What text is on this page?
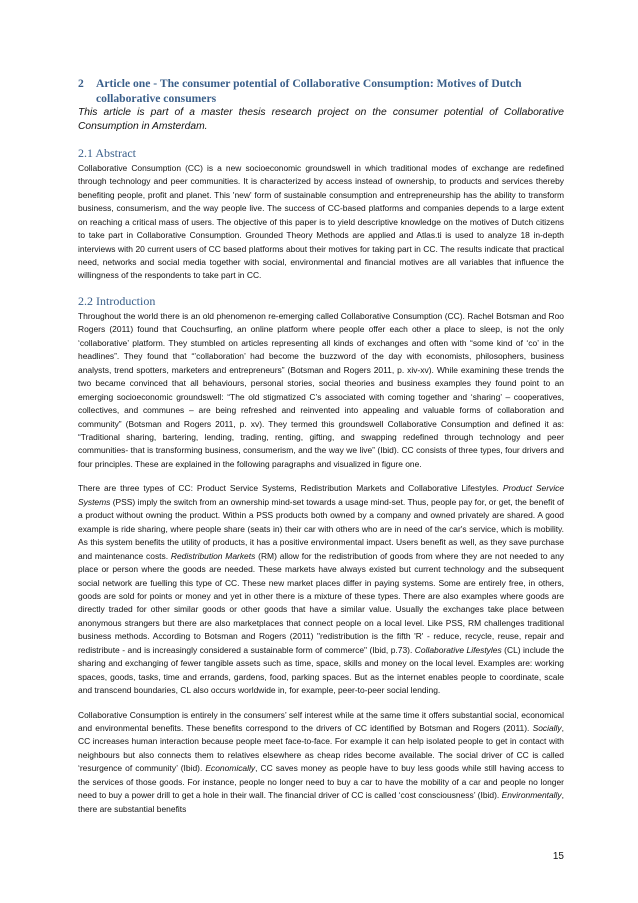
2	Article one - The consumer potential of Collaborative Consumption: Motives of Dutch collaborative consumers

This article is part of a master thesis research project on the consumer potential of Collaborative Consumption in Amsterdam.

2.1 Abstract

Collaborative Consumption (CC) is a new socioeconomic groundswell in which traditional modes of exchange are redefined through technology and peer communities. It is characterized by access instead of ownership, to products and services thereby benefiting people, profit and planet. This 'new' form of sustainable consumption and entrepreneurship has the ability to transform business, consumerism, and the way people live. The success of CC-based platforms and companies depends to a large extent on reaching a critical mass of users. The objective of this paper is to yield descriptive knowledge on the motives of Dutch citizens to take part in Collaborative Consumption. Grounded Theory Methods are applied and Atlas.ti is used to analyze 18 in-depth interviews with 20 current users of CC based platforms about their motives for taking part in CC. The results indicate that practical need, networks and social media together with social, environmental and financial motives are all variables that influence the willingness of the respondents to take part in CC.

2.2 Introduction

Throughout the world there is an old phenomenon re-emerging called Collaborative Consumption (CC). Rachel Botsman and Roo Rogers (2011) found that Couchsurfing, an online platform where people offer each other a place to sleep, is not the only ‘collaborative’ platform. They stumbled on articles representing all kinds of exchanges and often with “some kind of ‘co’ in the headlines”. They found that “’collaboration’ had become the buzzword of the day with economists, philosophers, business analysts, trend spotters, marketers and entrepreneurs” (Botsman and Rogers 2011, p. xiv-xv). While examining these trends the two became convinced that all behaviours, personal stories, social theories and business examples they found point to an emerging socioeconomic groundswell: “The old stigmatized C’s associated with coming together and ‘sharing’ – cooperatives, collectives, and communes – are being refreshed and reinvented into appealing and valuable forms of collaboration and community” (Botsman and Rogers 2011, p. xv). They termed this groundswell Collaborative Consumption and defined it as: “Traditional sharing, bartering, lending, trading, renting, gifting, and swapping redefined through technology and peer communities- that is transforming business, consumerism, and the way we live” (Ibid). CC consists of three types, four drivers and four principles. These are explained in the following paragraphs and visualized in figure one.

There are three types of CC: Product Service Systems, Redistribution Markets and Collaborative Lifestyles. Product Service Systems (PSS) imply the switch from an ownership mind-set towards a usage mind-set. Thus, people pay for, or get, the benefit of a product without owning the product. Within a PSS products both owned by a company and owned privately are shared. A good example is ride sharing, where people share (seats in) their car with others who are in need of the car's service, which is mobility. As this system benefits the utility of products, it has a positive environmental impact. Users benefit as well, as they save purchase and maintenance costs. Redistribution Markets (RM) allow for the redistribution of goods from where they are not needed to any place or person where the goods are needed. These markets have always existed but current technology and the subsequent social network are fuelling this type of CC. These new market places differ in paying systems. Some are entirely free, in others, goods are sold for points or money and yet in other there is a mixture of these types. There are also examples where goods are directly traded for other similar goods or other goods that have a similar value. Usually the exchanges take place between anonymous strangers but there are also marketplaces that connect people on a local level. Like PSS, RM challenges traditional business methods. According to Botsman and Rogers (2011) "redistribution is the fifth 'R' - reduce, recycle, reuse, repair and redistribute - and is increasingly considered a sustainable form of commerce" (Ibid, p.73). Collaborative Lifestyles (CL) include the sharing and exchanging of fewer tangible assets such as time, space, skills and money on the local level. Examples are: working spaces, goods, tasks, time and errands, gardens, food, parking spaces. But as the internet enables people to coordinate, scale and transcend boundaries, CL also occurs worldwide in, for example, peer-to-peer social lending.

Collaborative Consumption is entirely in the consumers’ self interest while at the same time it offers substantial social, economical and environmental benefits. These benefits correspond to the drivers of CC identified by Botsman and Rogers (2011). Socially, CC increases human interaction because people meet face-to-face. For example it can help isolated people to get in contact with neighbours but also connects them to relatives elsewhere as cheap rides become available. The social driver of CC is called ‘resurgence of community’ (Ibid). Economically, CC saves money as people have to buy less goods while still having access to the services of those goods. For instance, people no longer need to buy a car to have the mobility of a car and people no longer need to buy a power drill to get a hole in their wall. The financial driver of CC is called ‘cost consciousness’ (Ibid). Environmentally, there are substantial benefits

15
